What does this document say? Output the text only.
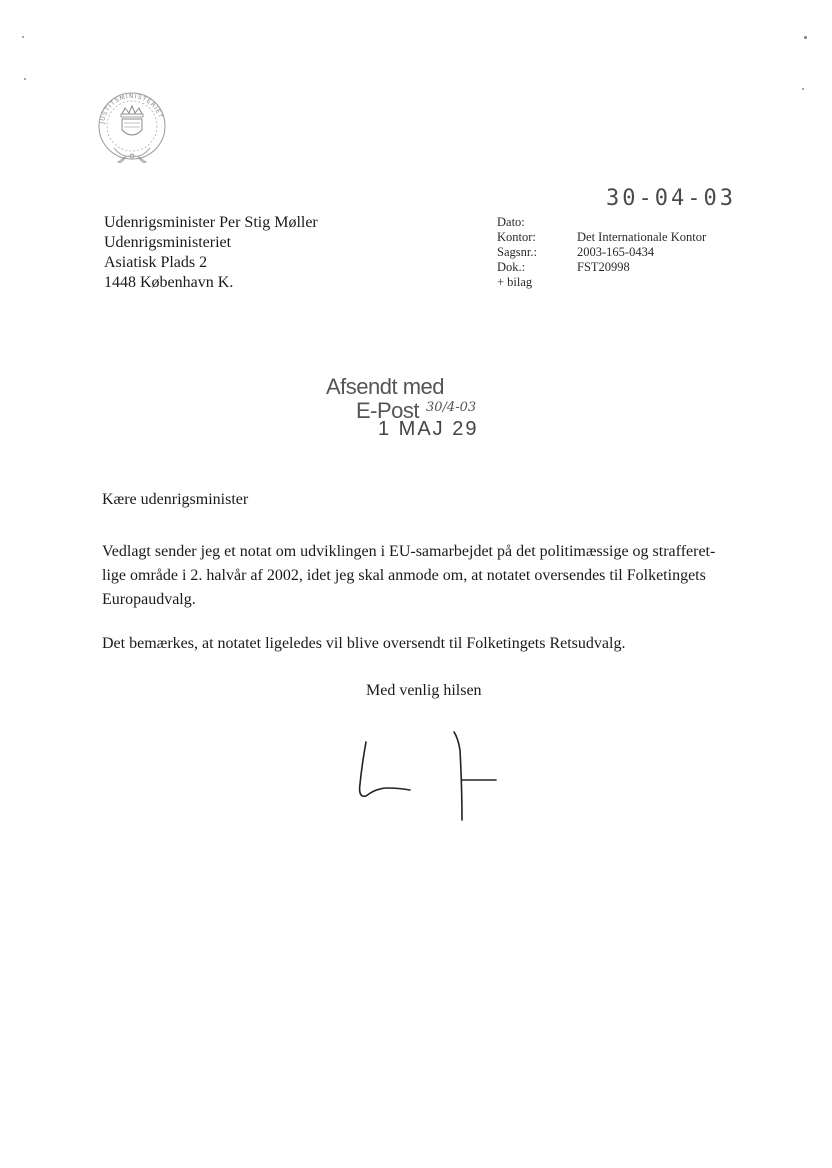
JUSTITSMINISTERIET
30-04-03
Udenrigsminister Per Stig Møller
Udenrigsministeriet
Asiatisk Plads 2
1448 København K.
Dato:
Kontor:
Sagsnr.:
Dok.:
+ bilag
Det Internationale Kontor
2003-165-0434
FST20998
Afsendt med
E-Post 30/4-03
1 MAJ 29
Kære udenrigsminister
Vedlagt sender jeg et notat om udviklingen i EU-samarbejdet på det politimæssige og strafferet-
lige område i 2. halvår af 2002, idet jeg skal anmode om, at notatet oversendes til Folketingets
Europaudvalg.
Det bemærkes, at notatet ligeledes vil blive oversendt til Folketingets Retsudvalg.
Med venlig hilsen
